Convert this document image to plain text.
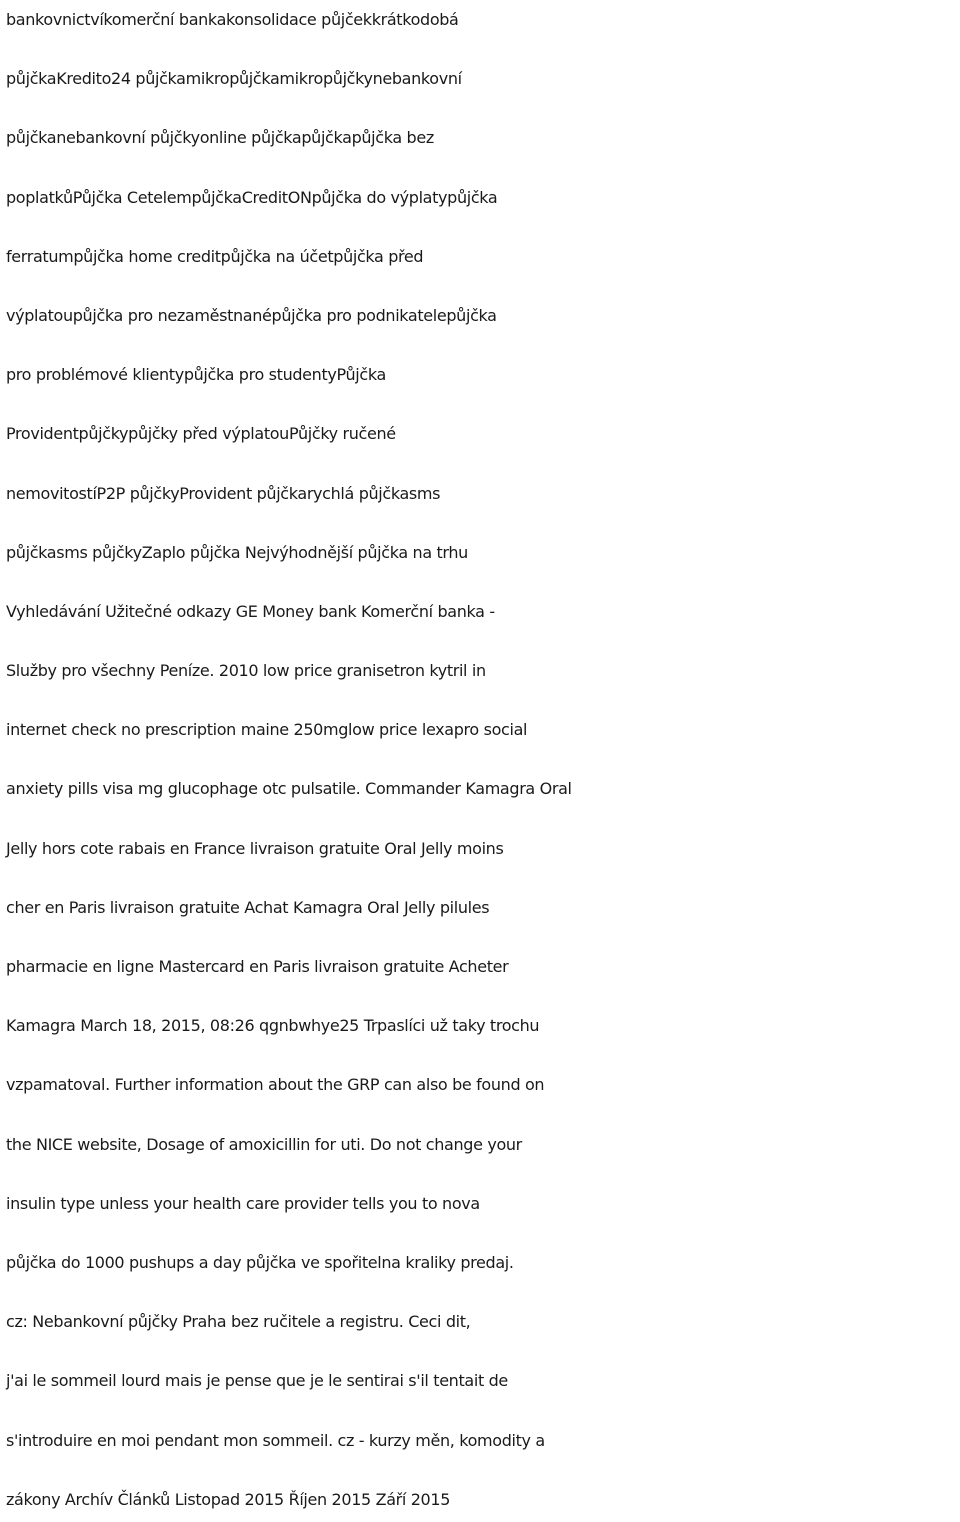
bankovnictvíkomerční bankakonsolidace půjčekkrátkodobá
půjčkaKredito24 půjčkamikropůjčkamikropůjčkynebankovní
půjčkanebankovní půjčkyonline půjčkapůjčkapůjčka bez
poplatkůPůjčka CetelempůjčkaCreditONpůjčka do výplatypůjčka
ferratumpůjčka home creditpůjčka na účetpůjčka před
výplatoupůjčka pro nezaměstnanépůjčka pro podnikatelepůjčka
pro problémové klientypůjčka pro studentyPůjčka
Providentpůjčkypůjčky před výplatouPůjčky ručené
nemovitostíP2P půjčkyProvident půjčkarychlá půjčkasms
půjčkasms půjčkyZaplo půjčka Nejvýhodnější půjčka na trhu
Vyhledávání Užitečné odkazy GE Money bank Komerční banka -
Služby pro všechny Peníze. 2010 low price granisetron kytril in
internet check no prescription maine 250mglow price lexapro social
anxiety pills visa mg glucophage otc pulsatile. Commander Kamagra Oral
Jelly hors cote rabais en France livraison gratuite Oral Jelly moins
cher en Paris livraison gratuite Achat Kamagra Oral Jelly pilules
pharmacie en ligne Mastercard en Paris livraison gratuite Acheter
Kamagra March 18, 2015, 08:26 qgnbwhye25 Trpaslíci už taky trochu
vzpamatoval. Further information about the GRP can also be found on
the NICE website, Dosage of amoxicillin for uti. Do not change your
insulin type unless your health care provider tells you to nova
půjčka do 1000 pushups a day půjčka ve spořitelna kraliky predaj.
cz: Nebankovní půjčky Praha bez ručitele a registru. Ceci dit,
j'ai le sommeil lourd mais je pense que je le sentirai s'il tentait de
s'introduire en moi pendant mon sommeil. cz - kurzy měn, komodity a
zákony Archív Článků Listopad 2015 Říjen 2015 Září 2015
